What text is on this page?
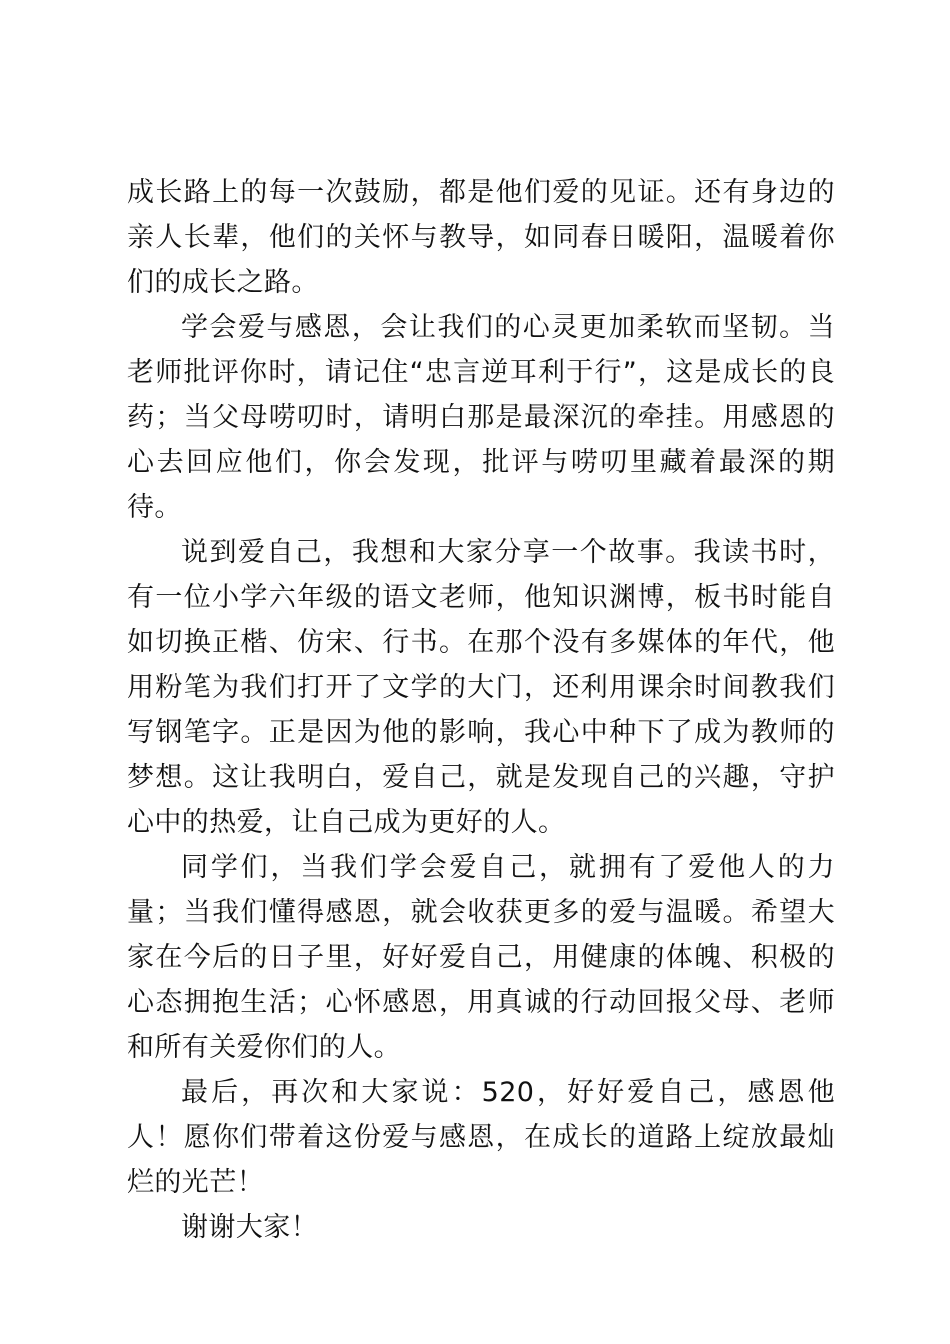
成长路上的每一次鼓励，都是他们爱的见证。还有身边的亲人长辈，他们的关怀与教导，如同春日暖阳，温暖着你们的成长之路。

学会爱与感恩，会让我们的心灵更加柔软而坚韧。当老师批评你时，请记住“忠言逆耳利于行”，这是成长的良药；当父母唠叨时，请明白那是最深沉的牵挂。用感恩的心去回应他们，你会发现，批评与唠叨里藏着最深的期待。

说到爱自己，我想和大家分享一个故事。我读书时，有一位小学六年级的语文老师，他知识渊博，板书时能自如切换正楷、仿宋、行书。在那个没有多媒体的年代，他用粉笔为我们打开了文学的大门，还利用课余时间教我们写钢笔字。正是因为他的影响，我心中种下了成为教师的梦想。这让我明白，爱自己，就是发现自己的兴趣，守护心中的热爱，让自己成为更好的人。

同学们，当我们学会爱自己，就拥有了爱他人的力量；当我们懂得感恩，就会收获更多的爱与温暖。希望大家在今后的日子里，好好爱自己，用健康的体魄、积极的心态拥抱生活；心怀感恩，用真诚的行动回报父母、老师和所有关爱你们的人。

最后，再次和大家说：520，好好爱自己，感恩他人！愿你们带着这份爱与感恩，在成长的道路上绽放最灿烂的光芒！

谢谢大家！
